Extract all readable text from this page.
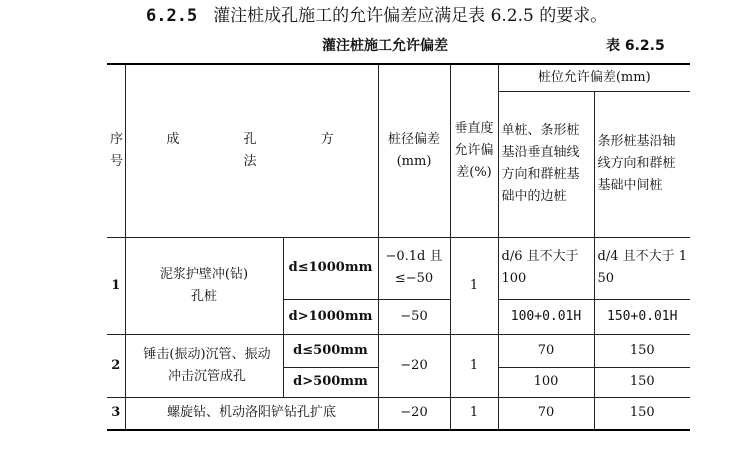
6.2.5 灌注桩成孔施工的允许偏差应满足表 6.2.5 的要求。
灌注桩施工允许偏差	表 6.2.5
序号	成 孔 方 法		桩径偏差(mm)	垂直度允许偏差(%)	桩位允许偏差(mm)	
					单桩、条形桩基沿垂直轴线方向和群桩基础中的边桩	条形桩基沿轴线方向和群桩基础中间桩
1	泥浆护壁冲(钻)孔桩	d≤1000mm	−0.1d 且≤−50	1	d/6 且不大于 100	d/4 且不大于 150
		d>1000mm	−50		100+0.01H	150+0.01H
2	锤击(振动)沉管、振动冲击沉管成孔	d≤500mm	−20	1	70	150
		d>500mm			100	150
3	螺旋钻、机动洛阳铲钻孔扩底		−20	1	70	150
